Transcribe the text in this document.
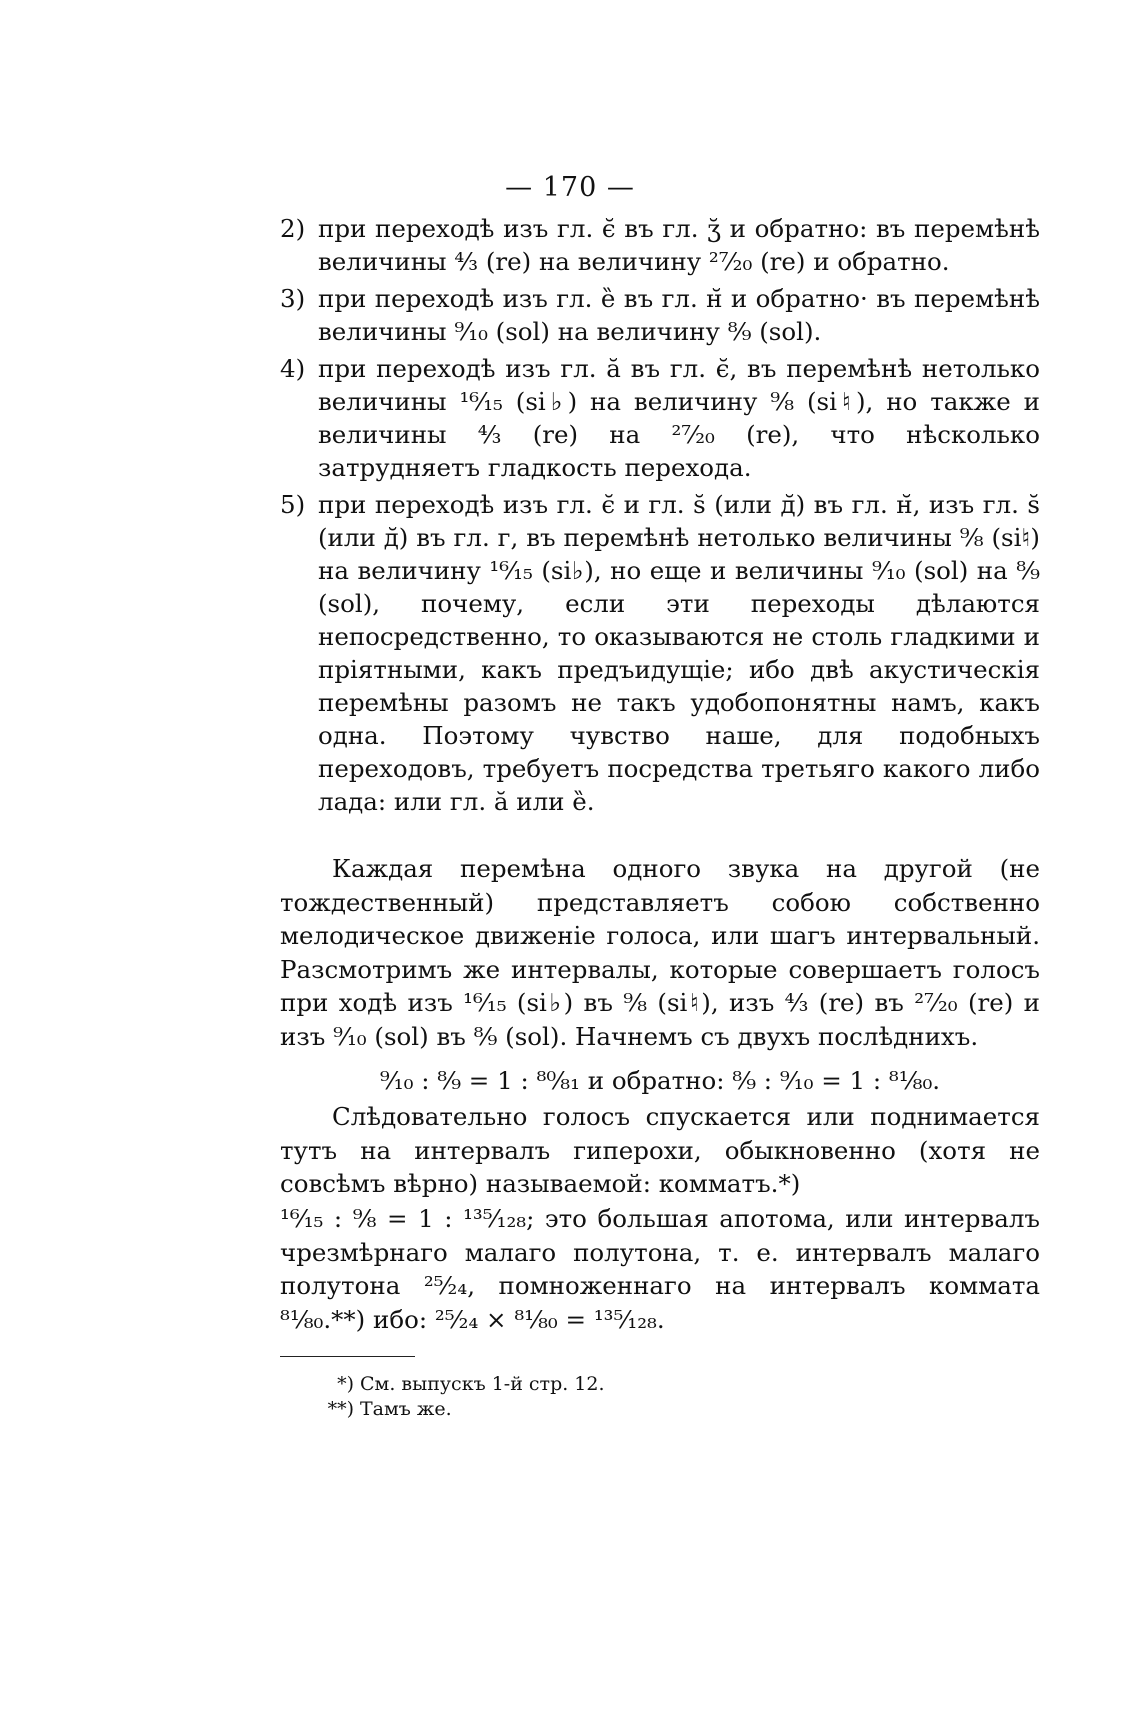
— 170 —
2) при переходѣ изъ гл. ϵ̆ въ гл. ʒ̆ и обратно: въ перемѣнѣ величины ⁴⁄₃ (re) на величину ²⁷⁄₂₀ (re) и обратно.
3) при переходѣ изъ гл. ȅ въ гл. н̆ и обратно· въ перемѣнѣ величины ⁹⁄₁₀ (sol) на величину ⁸⁄₉ (sol).
4) при переходѣ изъ гл. ă въ гл. ϵ̆, въ перемѣнѣ нетолько величины ¹⁶⁄₁₅ (si♭) на величину ⁹⁄₈ (si♮), но также и величины ⁴⁄₃ (re) на ²⁷⁄₂₀ (re), что нѣсколько затрудняетъ гладкость перехода.
5) при переходѣ изъ гл. ϵ̆ и гл. s̆ (или д̆) въ гл. н̆, изъ гл. s̆ (или д̆) въ гл. г, въ перемѣнѣ нетолько величины ⁹⁄₈ (si♮) на величину ¹⁶⁄₁₅ (si♭), но еще и величины ⁹⁄₁₀ (sol) на ⁸⁄₉ (sol), почему, если эти переходы дѣлаются непосредственно, то оказываются не столь гладкими и пріятными, какъ предъидущіе; ибо двѣ акустическія перемѣны разомъ не такъ удобопонятны намъ, какъ одна. Поэтому чувство наше, для подобныхъ переходовъ, требуетъ посредства третьяго какого либо лада: или гл. ă или ȅ.

Каждая перемѣна одного звука на другой (не тождественный) представляетъ собою собственно мелодическое движеніе голоса, или шагъ интервальный. Разсмотримъ же интервалы, которые совершаетъ голосъ при ходѣ изъ ¹⁶⁄₁₅ (si♭) въ ⁹⁄₈ (si♮), изъ ⁴⁄₃ (re) въ ²⁷⁄₂₀ (re) и изъ ⁹⁄₁₀ (sol) въ ⁸⁄₉ (sol). Начнемъ съ двухъ послѣднихъ.

⁹⁄₁₀ : ⁸⁄₉ = 1 : ⁸⁰⁄₈₁ и обратно: ⁸⁄₉ : ⁹⁄₁₀ = 1 : ⁸¹⁄₈₀.

Слѣдовательно голосъ спускается или поднимается тутъ на интервалъ гиперохи, обыкновенно (хотя не совсѣмъ вѣрно) называемой: комматъ.*)

¹⁶⁄₁₅ : ⁹⁄₈ = 1 : ¹³⁵⁄₁₂₈; это большая апотома, или интервалъ чрезмѣрнаго малаго полутона, т. е. интервалъ малаго полутона ²⁵⁄₂₄, помноженнаго на интервалъ коммата ⁸¹⁄₈₀.**) ибо: ²⁵⁄₂₄ × ⁸¹⁄₈₀ = ¹³⁵⁄₁₂₈.

*) См. выпускъ 1-й стр. 12.
**) Тамъ же.
